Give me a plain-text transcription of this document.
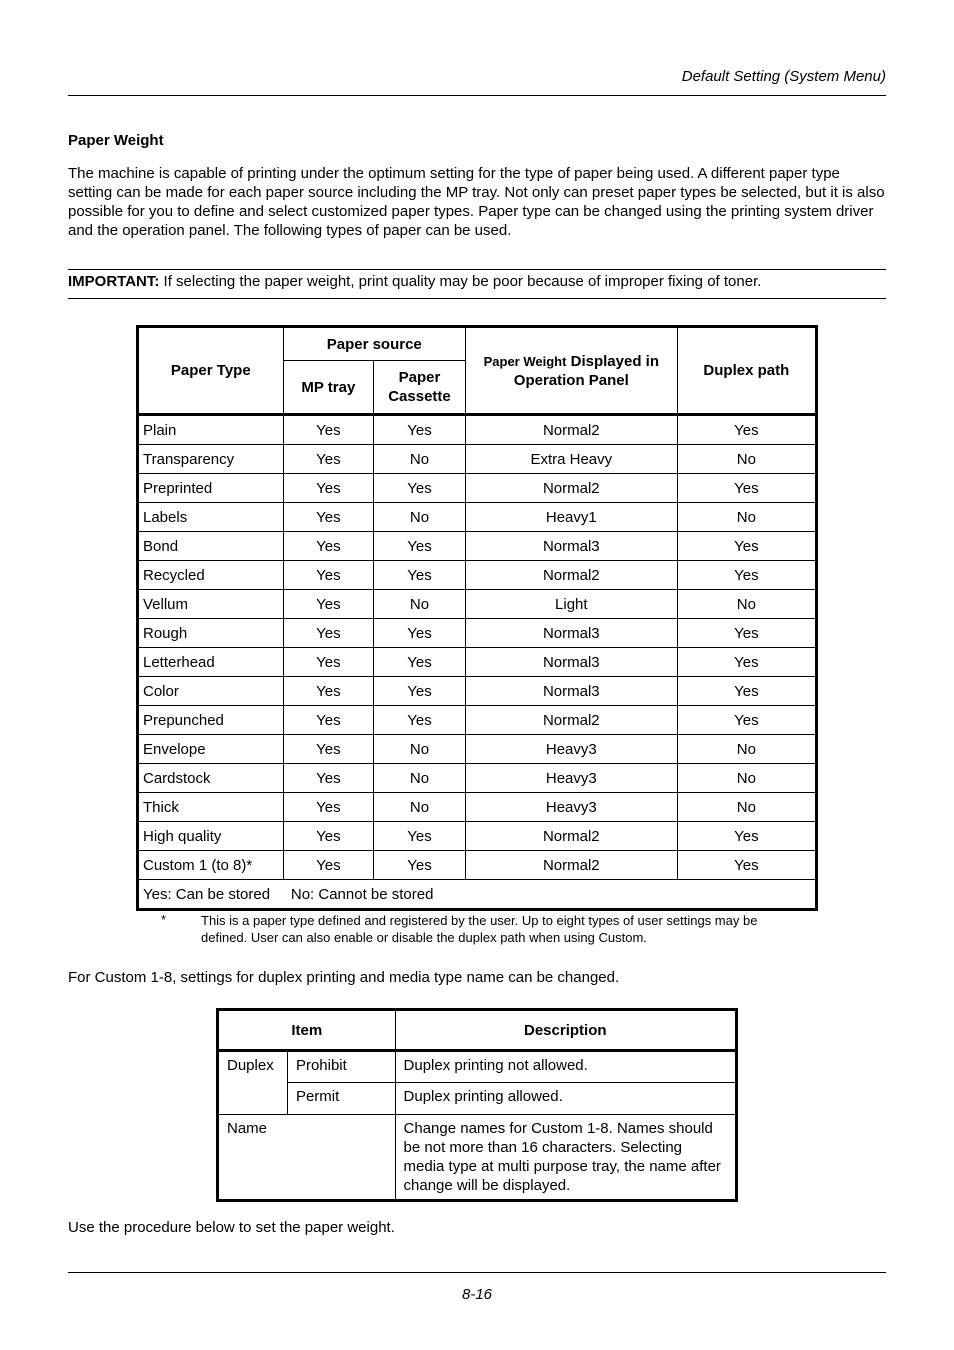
Default Setting (System Menu)
Paper Weight
The machine is capable of printing under the optimum setting for the type of paper being used. A different paper type setting can be made for each paper source including the MP tray. Not only can preset paper types be selected, but it is also possible for you to define and select customized paper types. Paper type can be changed using the printing system driver and the operation panel. The following types of paper can be used.
IMPORTANT: If selecting the paper weight, print quality may be poor because of improper fixing of toner.
Paper Type	Paper source		Paper Weight Displayed in Operation Panel	Duplex path
	MP tray	Paper Cassette		
Plain	Yes	Yes	Normal2	Yes
Transparency	Yes	No	Extra Heavy	No
Preprinted	Yes	Yes	Normal2	Yes
Labels	Yes	No	Heavy1	No
Bond	Yes	Yes	Normal3	Yes
Recycled	Yes	Yes	Normal2	Yes
Vellum	Yes	No	Light	No
Rough	Yes	Yes	Normal3	Yes
Letterhead	Yes	Yes	Normal3	Yes
Color	Yes	Yes	Normal3	Yes
Prepunched	Yes	Yes	Normal2	Yes
Envelope	Yes	No	Heavy3	No
Cardstock	Yes	No	Heavy3	No
Thick	Yes	No	Heavy3	No
High quality	Yes	Yes	Normal2	Yes
Custom 1 (to 8)*	Yes	Yes	Normal2	Yes
Yes: Can be stored     No: Cannot be stored				
*	This is a paper type defined and registered by the user. Up to eight types of user settings may be defined. User can also enable or disable the duplex path when using Custom.
For Custom 1-8, settings for duplex printing and media type name can be changed.
Item		Description
Duplex	Prohibit	Duplex printing not allowed.
	Permit	Duplex printing allowed.
Name		Change names for Custom 1-8. Names should be not more than 16 characters. Selecting media type at multi purpose tray, the name after change will be displayed.
Use the procedure below to set the paper weight.
8-16
